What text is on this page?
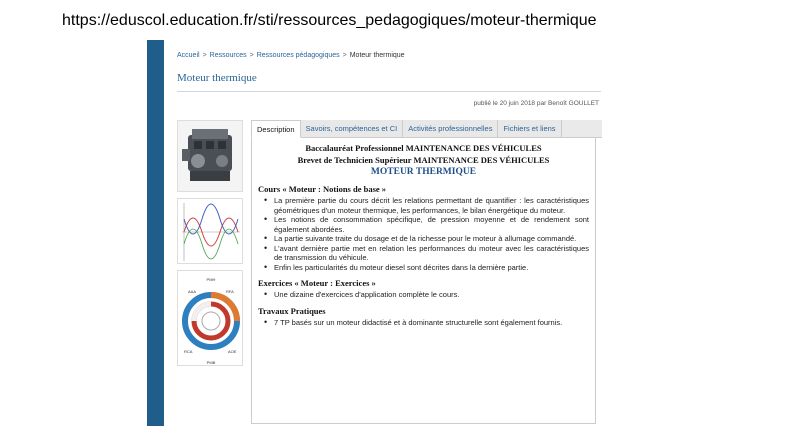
https://eduscol.education.fr/sti/ressources_pedagogiques/moteur-thermique
Accueil > Ressources > Ressources pédagogiques > Moteur thermique
Moteur thermique
publié le 20 juin 2018 par Benoît GOULLET
PMH
AAA	RFA
RCA	AOE
PMB
Description	Savoirs, compétences et CI	Activités professionnelles	Fichiers et liens
Baccalauréat Professionnel MAINTENANCE DES VÉHICULES
Brevet de Technicien Supérieur MAINTENANCE DES VÉHICULES
MOTEUR THERMIQUE
Cours « Moteur : Notions de base »
• La première partie du cours décrit les relations permettant de quantifier : les caractéristiques géométriques d'un moteur thermique, les performances, le bilan énergétique du moteur.
• Les notions de consommation spécifique, de pression moyenne et de rendement sont également abordées.
• La partie suivante traite du dosage et de la richesse pour le moteur à allumage commandé.
• L'avant dernière partie met en relation les performances du moteur avec les caractéristiques de transmission du véhicule.
• Enfin les particularités du moteur diesel sont décrites dans la dernière partie.
Exercices « Moteur : Exercices »
• Une dizaine d'exercices d'application complète le cours.
Travaux Pratiques
• 7 TP basés sur un moteur didactisé et à dominante structurelle sont également fournis.
